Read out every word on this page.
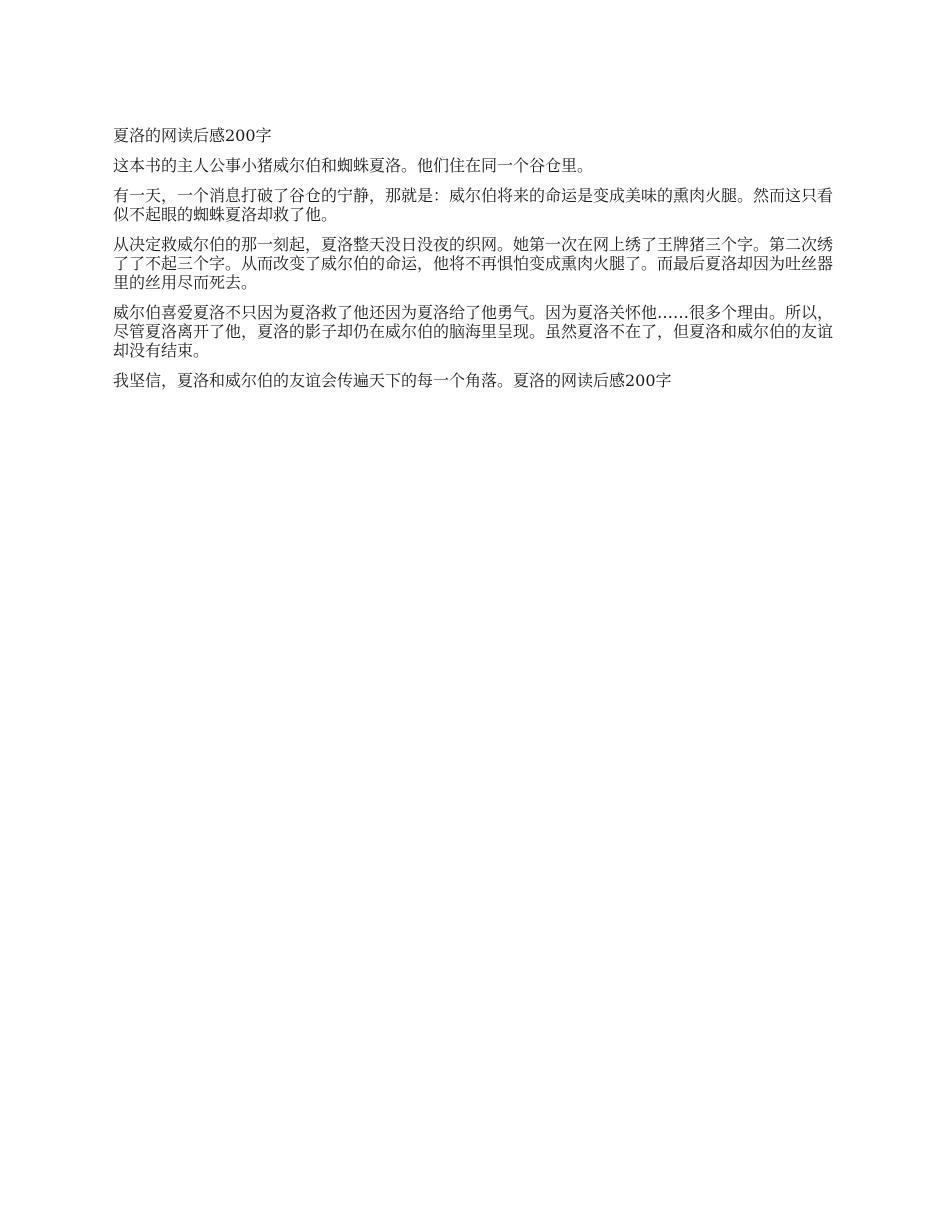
夏洛的网读后感200字

这本书的主人公事小猪威尔伯和蜘蛛夏洛。他们住在同一个谷仓里。

有一天，一个消息打破了谷仓的宁静，那就是：威尔伯将来的命运是变成美味的熏肉火腿。然而这只看似不起眼的蜘蛛夏洛却救了他。

从决定救威尔伯的那一刻起，夏洛整天没日没夜的织网。她第一次在网上绣了王牌猪三个字。第二次绣了了不起三个字。从而改变了威尔伯的命运，他将不再惧怕变成熏肉火腿了。而最后夏洛却因为吐丝器里的丝用尽而死去。

威尔伯喜爱夏洛不只因为夏洛救了他还因为夏洛给了他勇气。因为夏洛关怀他……很多个理由。所以，尽管夏洛离开了他，夏洛的影子却仍在威尔伯的脑海里呈现。虽然夏洛不在了，但夏洛和威尔伯的友谊却没有结束。

我坚信，夏洛和威尔伯的友谊会传遍天下的每一个角落。夏洛的网读后感200字
